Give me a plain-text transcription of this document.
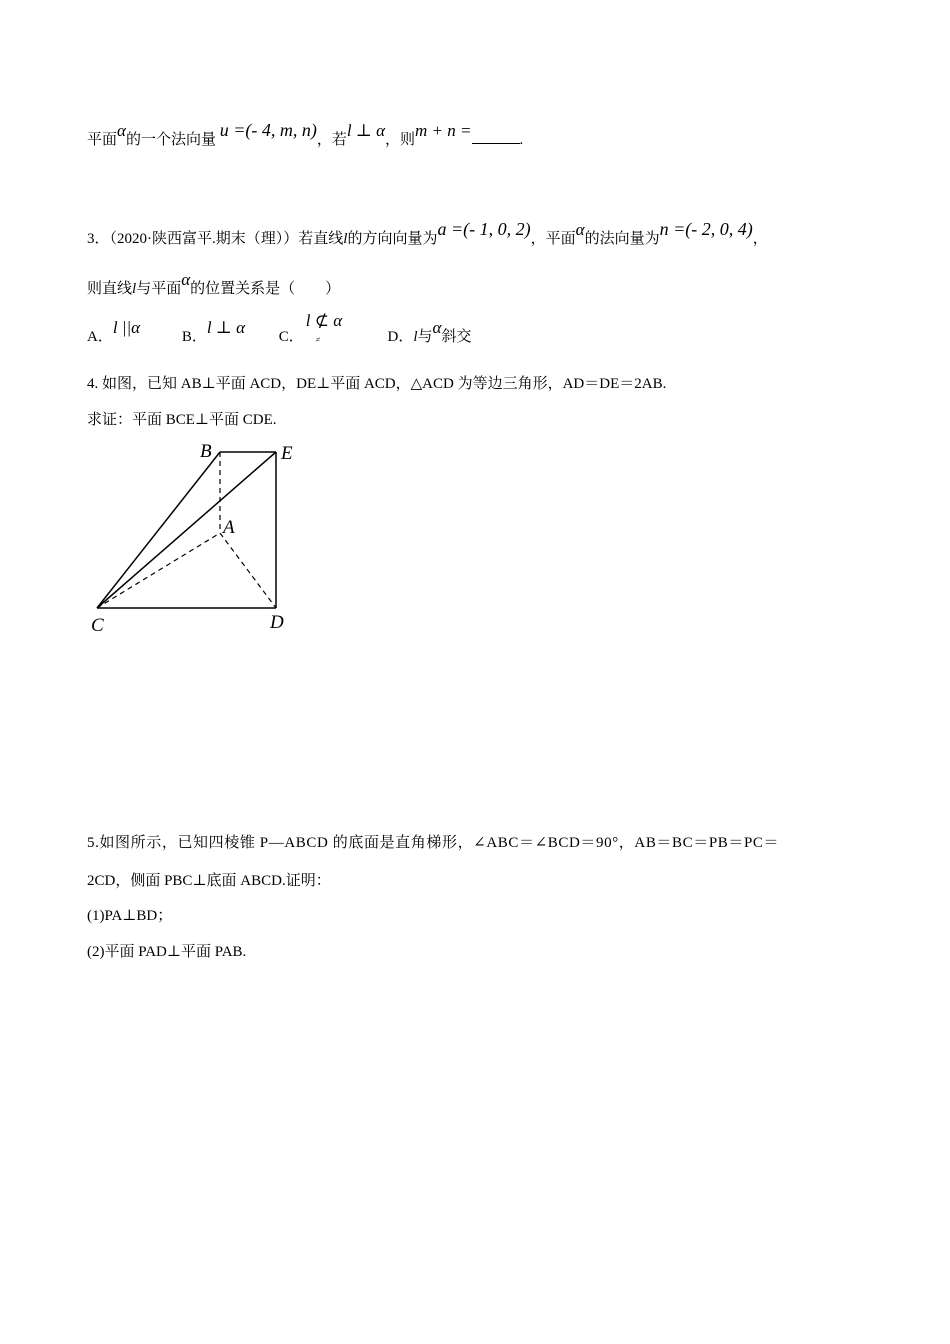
平面α的一个法向量 u =(- 4, m, n)，若l ⊥ α，则m + n =	.
3．（2020·陕西富平.期末（理））若直线l的方向向量为a =(- 1, 0, 2)，平面α的法向量为n =(- 2, 0, 4)，
则直线l与平面α的位置关系是（　　）
A．l ||α	B．l ⊥ α C．
l ⊄ α
≠	D．l与α斜交
4. 如图，已知 AB⊥平面 ACD，DE⊥平面 ACD，△ACD 为等边三角形，AD＝DE＝2AB.
求证：平面 BCE⊥平面 CDE.
B	E
A
C	D
5.如图所示，已知四棱锥 P—ABCD 的底面是直角梯形，∠ABC＝∠BCD＝90°，AB＝BC＝PB＝PC＝
2CD，侧面 PBC⊥底面 ABCD.证明：
(1)PA⊥BD；
(2)平面 PAD⊥平面 PAB.
